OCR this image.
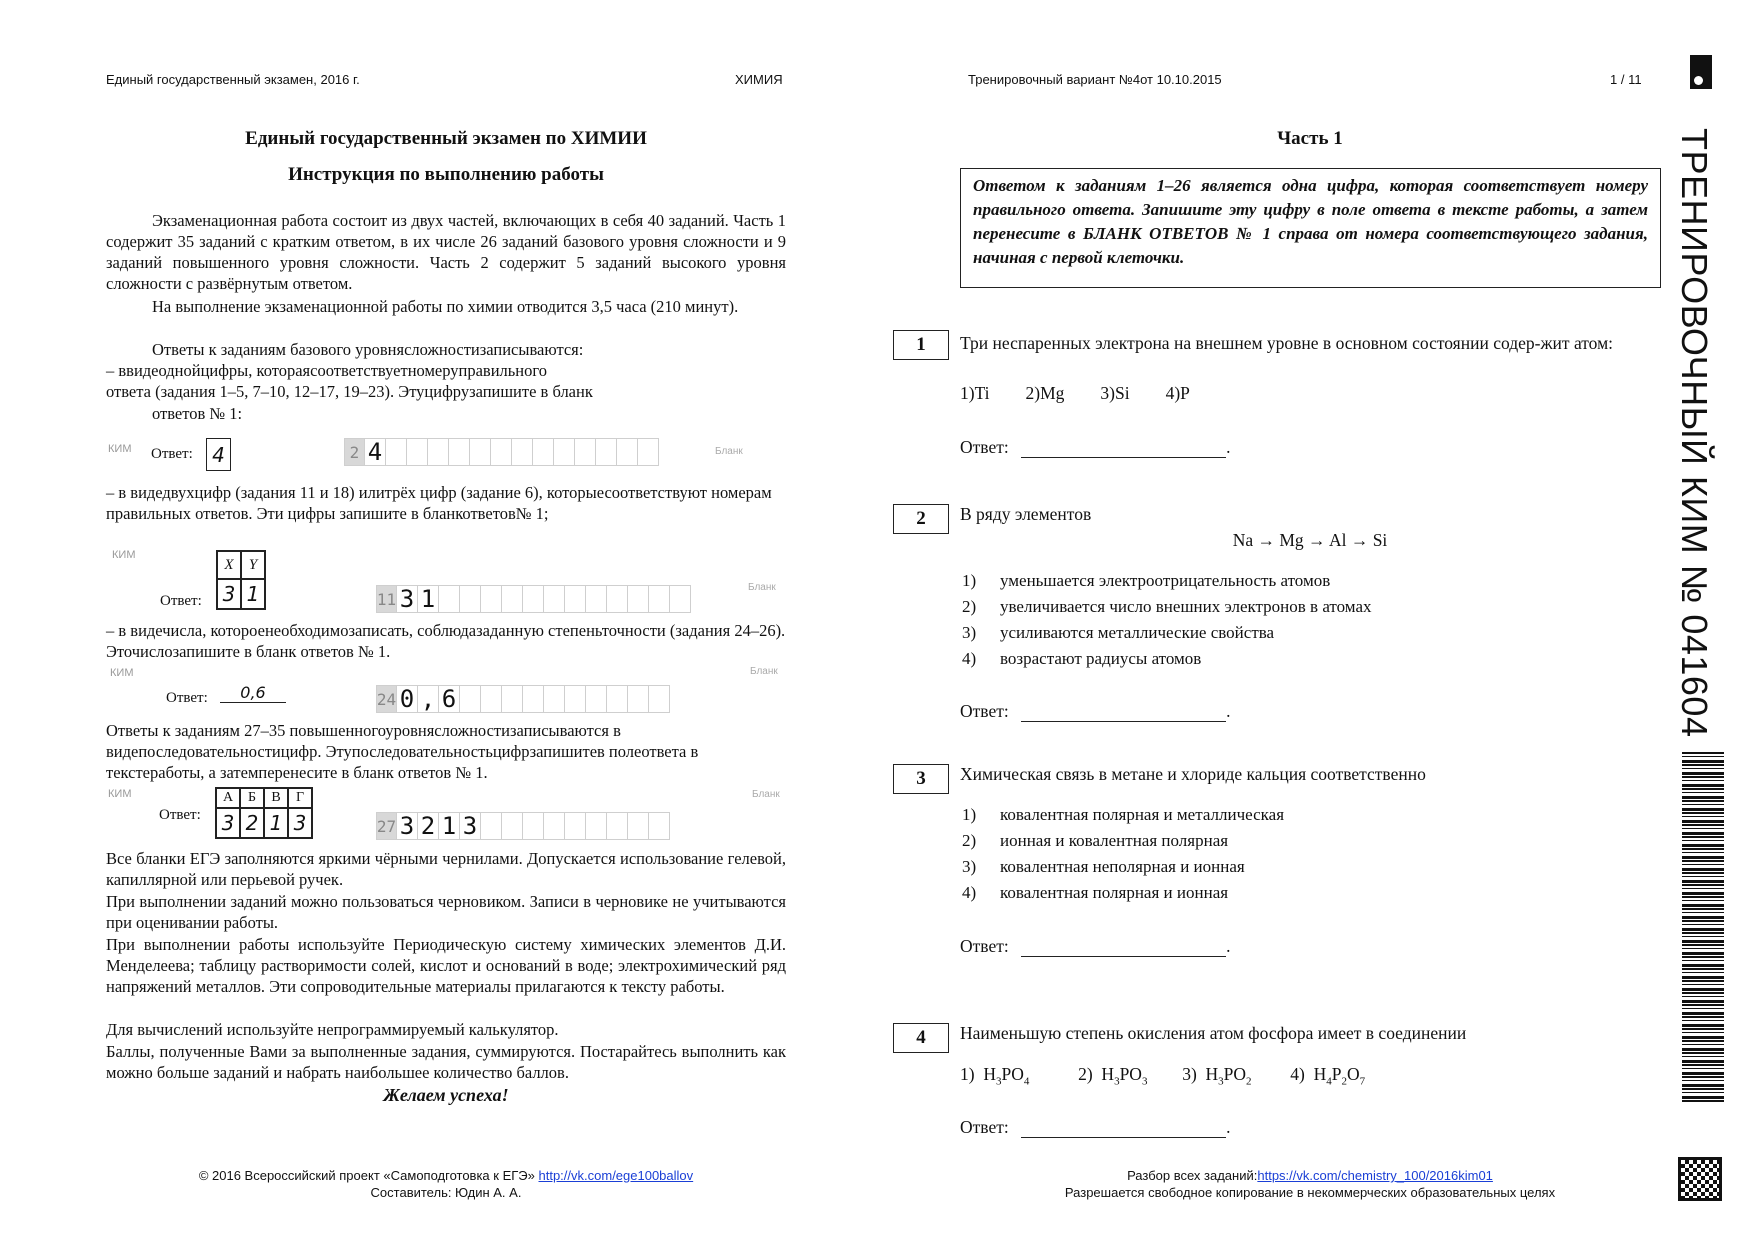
Единый государственный экзамен, 2016 г.	ХИМИЯ	Тренировочный вариант №4от 10.10.2015	1 / 11
Единый государственный экзамен по ХИМИИ
Инструкция по выполнению работы
Экзаменационная работа состоит из двух частей, включающих в себя 40 заданий. Часть 1 содержит 35 заданий с кратким ответом, в их числе 26 заданий базового уровня сложности и 9 заданий повышенного уровня сложности. Часть 2 содержит 5 заданий высокого уровня сложности с развёрнутым ответом.
На выполнение экзаменационной работы по химии отводится 3,5 часа (210 минут).
Ответы к заданиям базового уровнясложностизаписываются:
– ввидеоднойцифры, котораясоответствуетномеруправильного
ответа (задания 1–5, 7–10, 12–17, 19–23). Этуцифрузапишите в бланк
ответов № 1:
КИМ Ответ: 4	2 4	Бланк
– в видедвухцифр (задания 11 и 18) илитрёх цифр (задание 6), которыесоответствуют номерам правильных ответов. Эти цифры запишите в бланкответов№ 1;
КИМ
X	Y
3 1
Ответ:	11 3 1	Бланк
– в видечисла, котороенеобходимозаписать, соблюдазаданную степеньточности (задания 24–26). Эточислозапишите в бланк ответов № 1.
КИМ
Ответ:	0,6	24 0 , 6
Бланк
Ответы к заданиям 27–35 повышенногоуровнясложностизаписываются в видепоследовательностицифр. Этупоследовательностьцифрзапишитев полеответа в текстеработы, а затемперенесите в бланк ответов № 1.
КИМ
Ответ:
А	Б	В	Г
3 2 1 3	27 3 2 1 3
Бланк
Все бланки ЕГЭ заполняются яркими чёрными чернилами. Допускается использование гелевой, капиллярной или перьевой ручек.
При выполнении заданий можно пользоваться черновиком. Записи в черновике не учитываются при оценивании работы.
При выполнении работы используйте Периодическую систему химических элементов Д.И. Менделеева; таблицу растворимости солей, кислот и оснований в воде; электрохимический ряд напряжений металлов. Эти сопроводительные материалы прилагаются к тексту работы.
Для вычислений используйте непрограммируемый калькулятор.
Баллы, полученные Вами за выполненные задания, суммируются. Постарайтесь выполнить как можно больше заданий и набрать наибольшее количество баллов.
Желаем успеха!
© 2016 Всероссийский проект «Самоподготовка к ЕГЭ» http://vk.com/ege100ballov
Составитель: Юдин А. А.
Часть 1
Ответом к заданиям 1–26 является одна цифра, которая соответствует номеру правильного ответа. Запишите эту цифру в поле ответа в тексте работы, а затем перенесите в БЛАНК ОТВЕТОВ № 1 справа от номера соответствующего задания, начиная с первой клеточки.
1	Три неспаренных электрона на внешнем уровне в основном состоянии содер-жит атом:
1)Ti 2)Mg 3)Si 4)P
Ответ:	.
2	В ряду элементов
Na → Mg → Al → Si
1) уменьшается электроотрицательность атомов
2) увеличивается число внешних электронов в атомах
3) усиливаются металлические свойства
4) возрастают радиусы атомов
Ответ:	.
3	Химическая связь в метане и хлориде кальция соответственно
1) ковалентная полярная и металлическая
2) ионная и ковалентная полярная
3) ковалентная неполярная и ионная
4) ковалентная полярная и ионная
Ответ:	.
4	Наименьшую степень окисления атом фосфора имеет в соединении
1)  $H_3PO_4$	2)  $H_3PO_3$ 3)  $H_3PO_2$ 4)  $H_4P_2O_7$
Ответ:	.
Разбор всех заданий:https://vk.com/chemistry_100/2016kim01
Разрешается свободное копирование в некоммерческих образовательных целях
ТРЕНИРОВОЧНЫЙ КИМ № 041604
